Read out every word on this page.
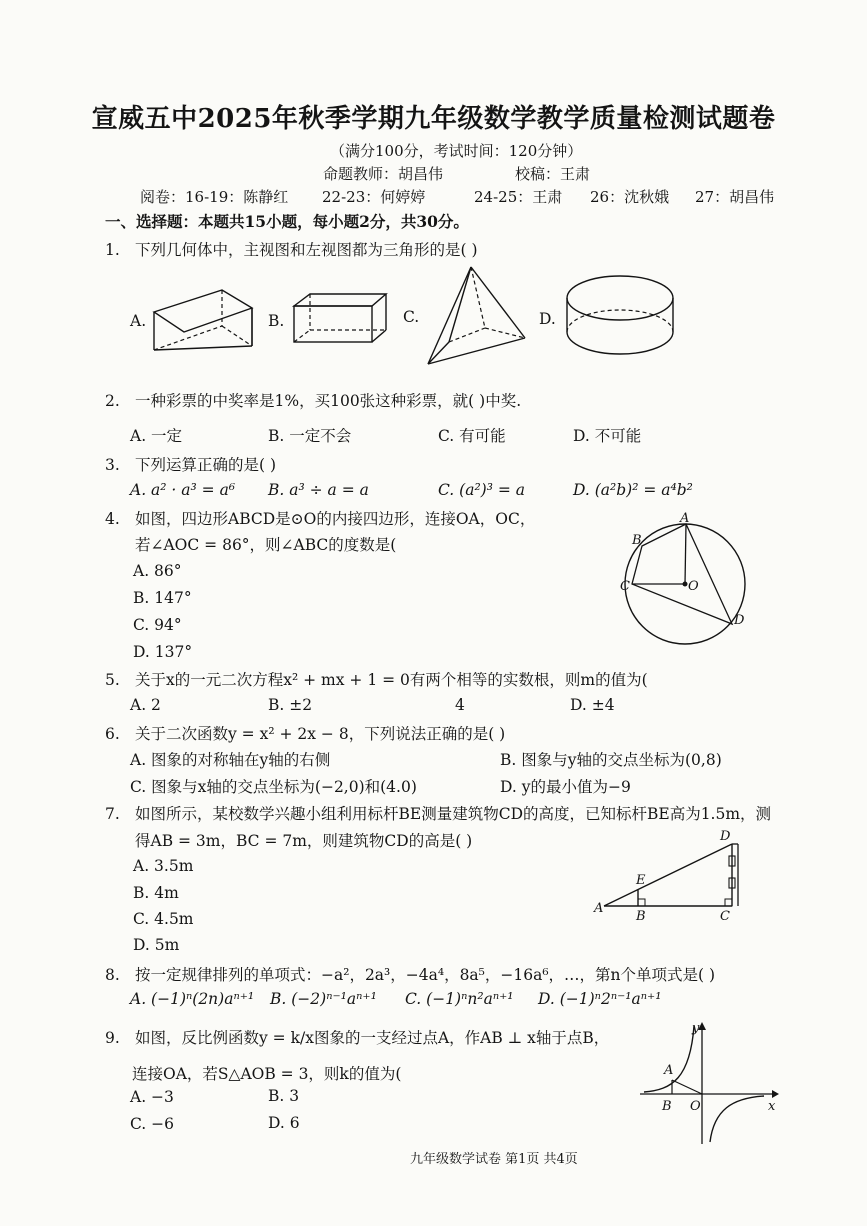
宣威五中2025年秋季学期九年级数学教学质量检测试题卷
（满分100分，考试时间：120分钟）
命题教师：胡昌伟	校稿：王肃
阅卷：16-19：陈静红 22-23：何婷婷	24-25：王肃 26：沈秋娥 27：胡昌伟
一、选择题：本题共15小题，每小题2分，共30分。
1. 下列几何体中，主视图和左视图都为三角形的是( )
A.	B.	C.	D.
2. 一种彩票的中奖率是1%，买100张这种彩票，就( )中奖.
A. 一定	B. 一定不会	C. 有可能	D. 不可能
3. 下列运算正确的是( )
A. a² · a³ = a⁶ B. a³ ÷ a = a	C. (a²)³ = a	D. (a²b)² = a⁴b²
4. 如图，四边形ABCD是⊙O的内接四边形，连接OA，OC，
若∠AOC = 86°，则∠ABC的度数是(
A. 86°
B. 147°
C. 94°
D. 137°
A
B
C
D
O
5. 关于x的一元二次方程x² + mx + 1 = 0有两个相等的实数根，则m的值为(
A. 2	B. ±2	4	D. ±4
6. 关于二次函数y = x² + 2x − 8，下列说法正确的是( )
A. 图象的对称轴在y轴的右侧	B. 图象与y轴的交点坐标为(0,8)
C. 图象与x轴的交点坐标为(−2,0)和(4.0)	D. y的最小值为−9
7. 如图所示，某校数学兴趣小组利用标杆BE测量建筑物CD的高度，已知标杆BE高为1.5m，测
得AB = 3m，BC = 7m，则建筑物CD的高是( )
A. 3.5m
B. 4m
C. 4.5m
D. 5m
A
B	C
D
E
8. 按一定规律排列的单项式：−a²，2a³，−4a⁴，8a⁵，−16a⁶，…，第n个单项式是( )
A. (−1)ⁿ(2n)aⁿ⁺¹ B. (−2)ⁿ⁻¹aⁿ⁺¹ C. (−1)ⁿn²aⁿ⁺¹ D. (−1)ⁿ2ⁿ⁻¹aⁿ⁺¹
9. 如图，反比例函数y = k/x图象的一支经过点A，作AB ⊥ x轴于点B，
连接OA，若S△AOB = 3，则k的值为(
A. −3	B. 3
C. −6	D. 6
y
x
A
B O
九年级数学试卷 第1页 共4页
